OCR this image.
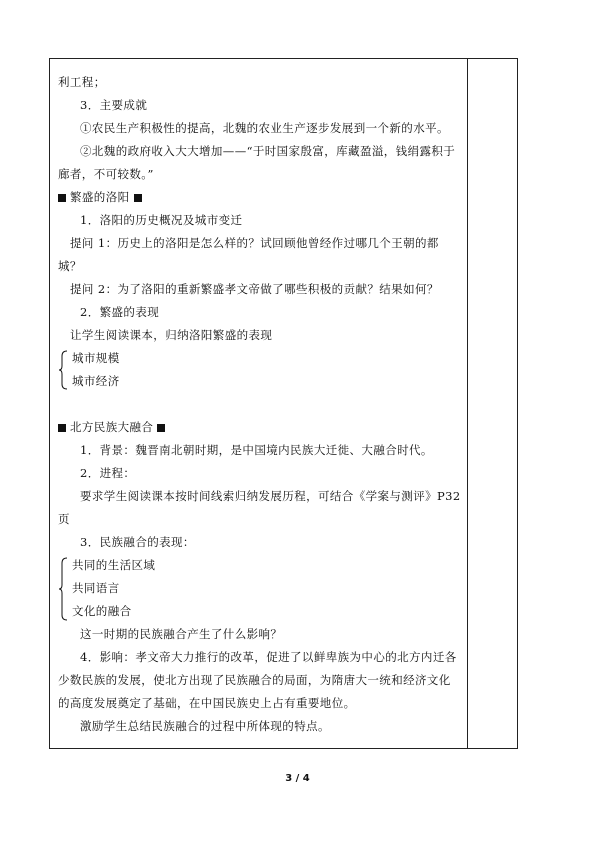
利工程；
3．主要成就
①农民生产积极性的提高，北魏的农业生产逐步发展到一个新的水平。
②北魏的政府收入大大增加——“于时国家殷富，库藏盈溢，钱绢露积于
廊者，不可较数。”
繁盛的洛阳
1．洛阳的历史概况及城市变迁
提问 1：历史上的洛阳是怎么样的？试回顾他曾经作过哪几个王朝的都
城？
提问 2：为了洛阳的重新繁盛孝文帝做了哪些积极的贡献？结果如何？
2．繁盛的表现
让学生阅读课本，归纳洛阳繁盛的表现
城市规模
城市经济
北方民族大融合
1．背景：魏晋南北朝时期，是中国境内民族大迁徙、大融合时代。
2．进程：
要求学生阅读课本按时间线索归纳发展历程，可结合《学案与测评》P32
页
3．民族融合的表现：
共同的生活区域
共同语言
文化的融合
这一时期的民族融合产生了什么影响？
4．影响：孝文帝大力推行的改革，促进了以鲜卑族为中心的北方内迁各
少数民族的发展，使北方出现了民族融合的局面，为隋唐大一统和经济文化
的高度发展奠定了基础，在中国民族史上占有重要地位。
激励学生总结民族融合的过程中所体现的特点。

3 / 4
